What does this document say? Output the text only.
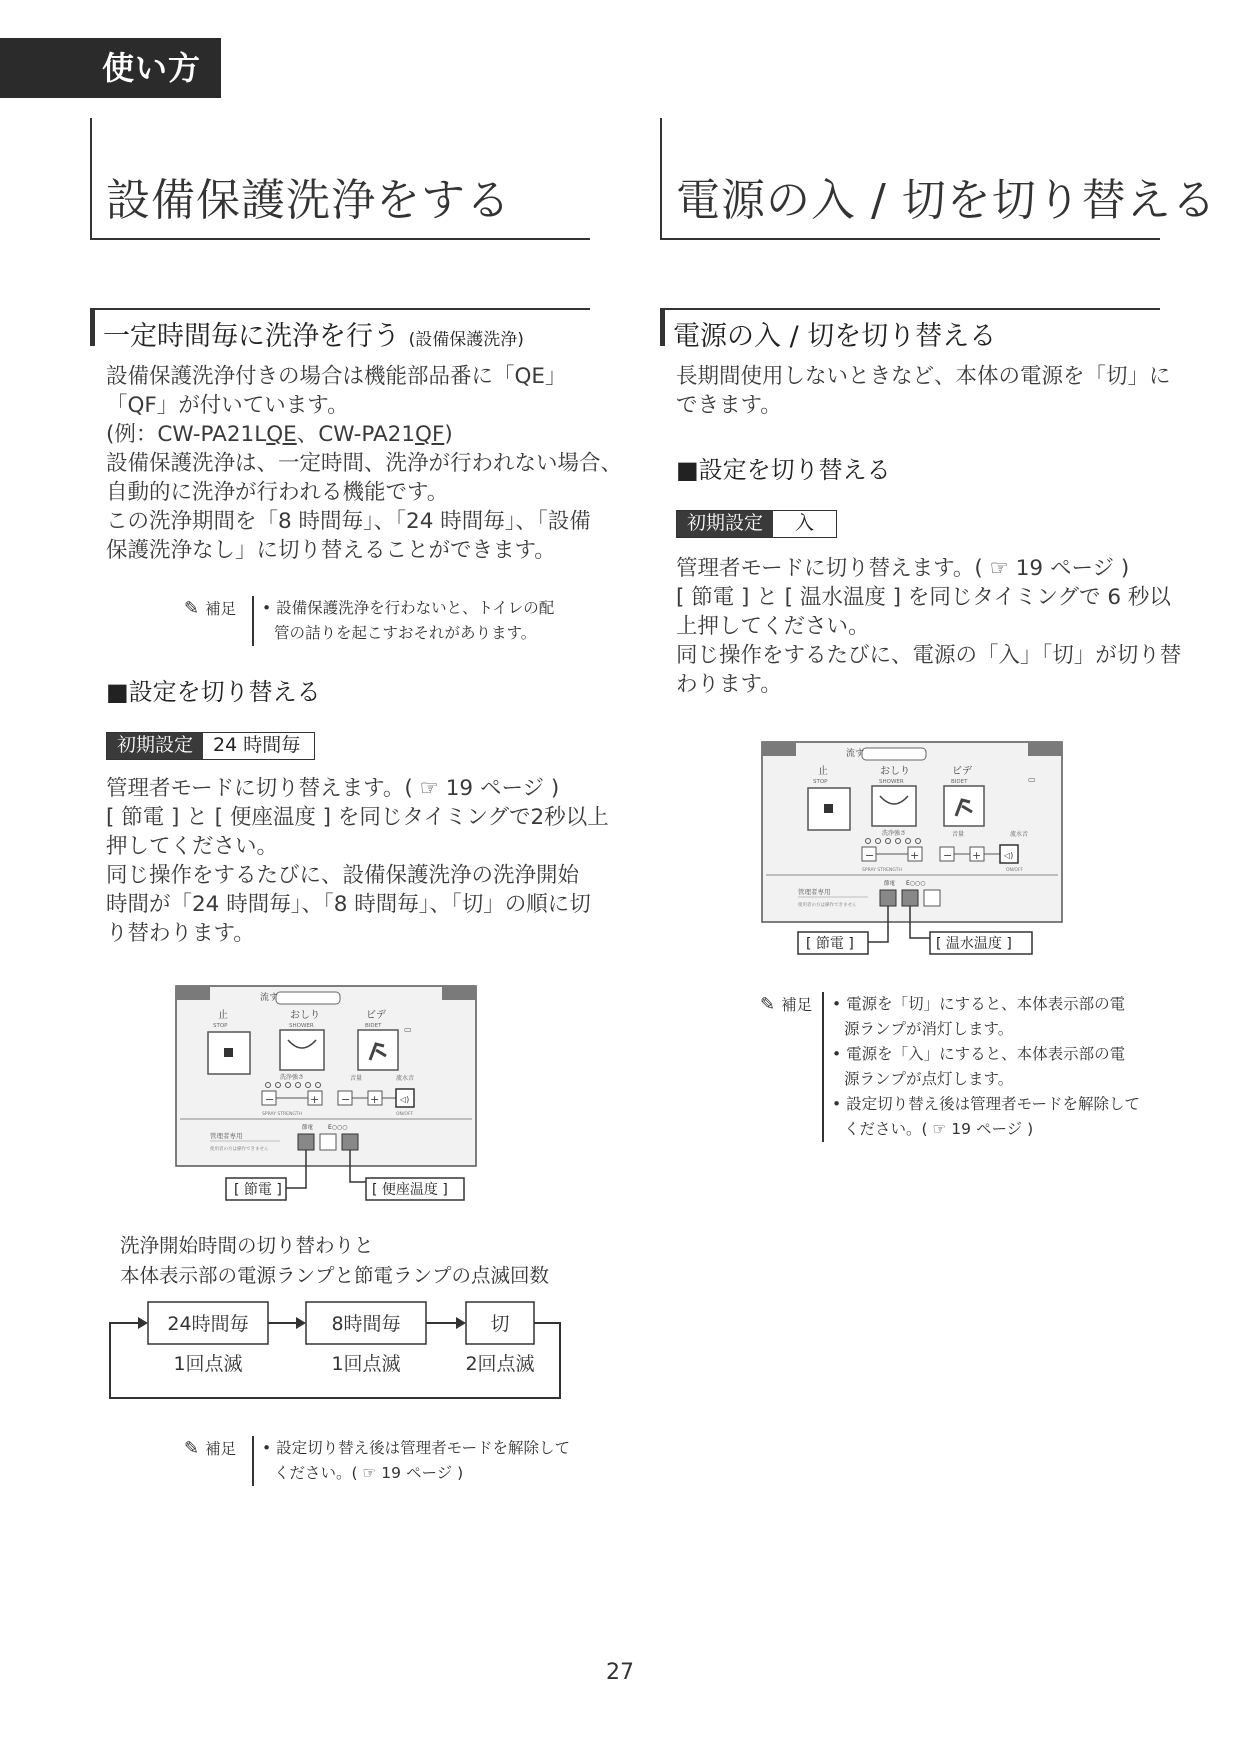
使い方
設備保護洗浄をする
一定時間毎に洗浄を行う (設備保護洗浄)

設備保護洗浄付きの場合は機能部品番に「QE」

「QF」が付いています。

(例：CW-PA21LQE、CW-PA21QF)

設備保護洗浄は、一定時間、洗浄が行われない場合、

自動的に洗浄が行われる機能です。

この洗浄期間を「8 時間毎」、「24 時間毎」、「設備

保護洗浄なし」に切り替えることができます。

✎ 補足 • 設備保護洗浄を行わないと、トイレの配

管の詰りを起こすおそれがあります。

■設定を切り替える
初期設定	24 時間毎

管理者モードに切り替えます。( ☞ 19 ページ )

[ 節電 ] と [ 便座温度 ] を同じタイミングで2秒以上

押してください。

同じ操作をするたびに、設備保護洗浄の洗浄開始

時間が「24 時間毎」、「8 時間毎」、「切」の順に切

り替わります。

流す
止
STOP
おしり
SHOWER
ビデ
BIDET	▭
洗浄強さ
−	+
SPRAY STRENGTH
音量
− +
流水音
◁)
ON/OFF
管理者専用
使用者の方は操作できません
節電 E○○○
[ 節電 ]	[ 便座温度 ]

洗浄開始時間の切り替わりと

本体表示部の電源ランプと節電ランプの点滅回数

24時間毎	8時間毎	切
1回点滅	1回点滅	2回点滅
✎ 補足 • 設定切り替え後は管理者モードを解除して

ください。( ☞ 19 ページ )

電源の入 / 切を切り替える
電源の入 / 切を切り替える

長期間使用しないときなど、本体の電源を「切」に

できます。

■設定を切り替える
初期設定	入

管理者モードに切り替えます。( ☞ 19 ページ )

[ 節電 ] と [ 温水温度 ] を同じタイミングで 6 秒以

上押してください。

同じ操作をするたびに、電源の「入」「切」が切り替

わります。

流す
止
STOP
おしり
SHOWER
ビデ
BIDET	▭
洗浄強さ
−	+
SPRAY STRENGTH
音量
− +
流水音
◁)
ON/OFF
管理者専用
使用者の方は操作できません
節電 E○○○
[ 節電 ]	[ 温水温度 ]
✎ 補足 • 電源を「切」にすると、本体表示部の電

源ランプが消灯します。

• 電源を「入」にすると、本体表示部の電

源ランプが点灯します。

• 設定切り替え後は管理者モードを解除して

ください。( ☞ 19 ページ )

27
